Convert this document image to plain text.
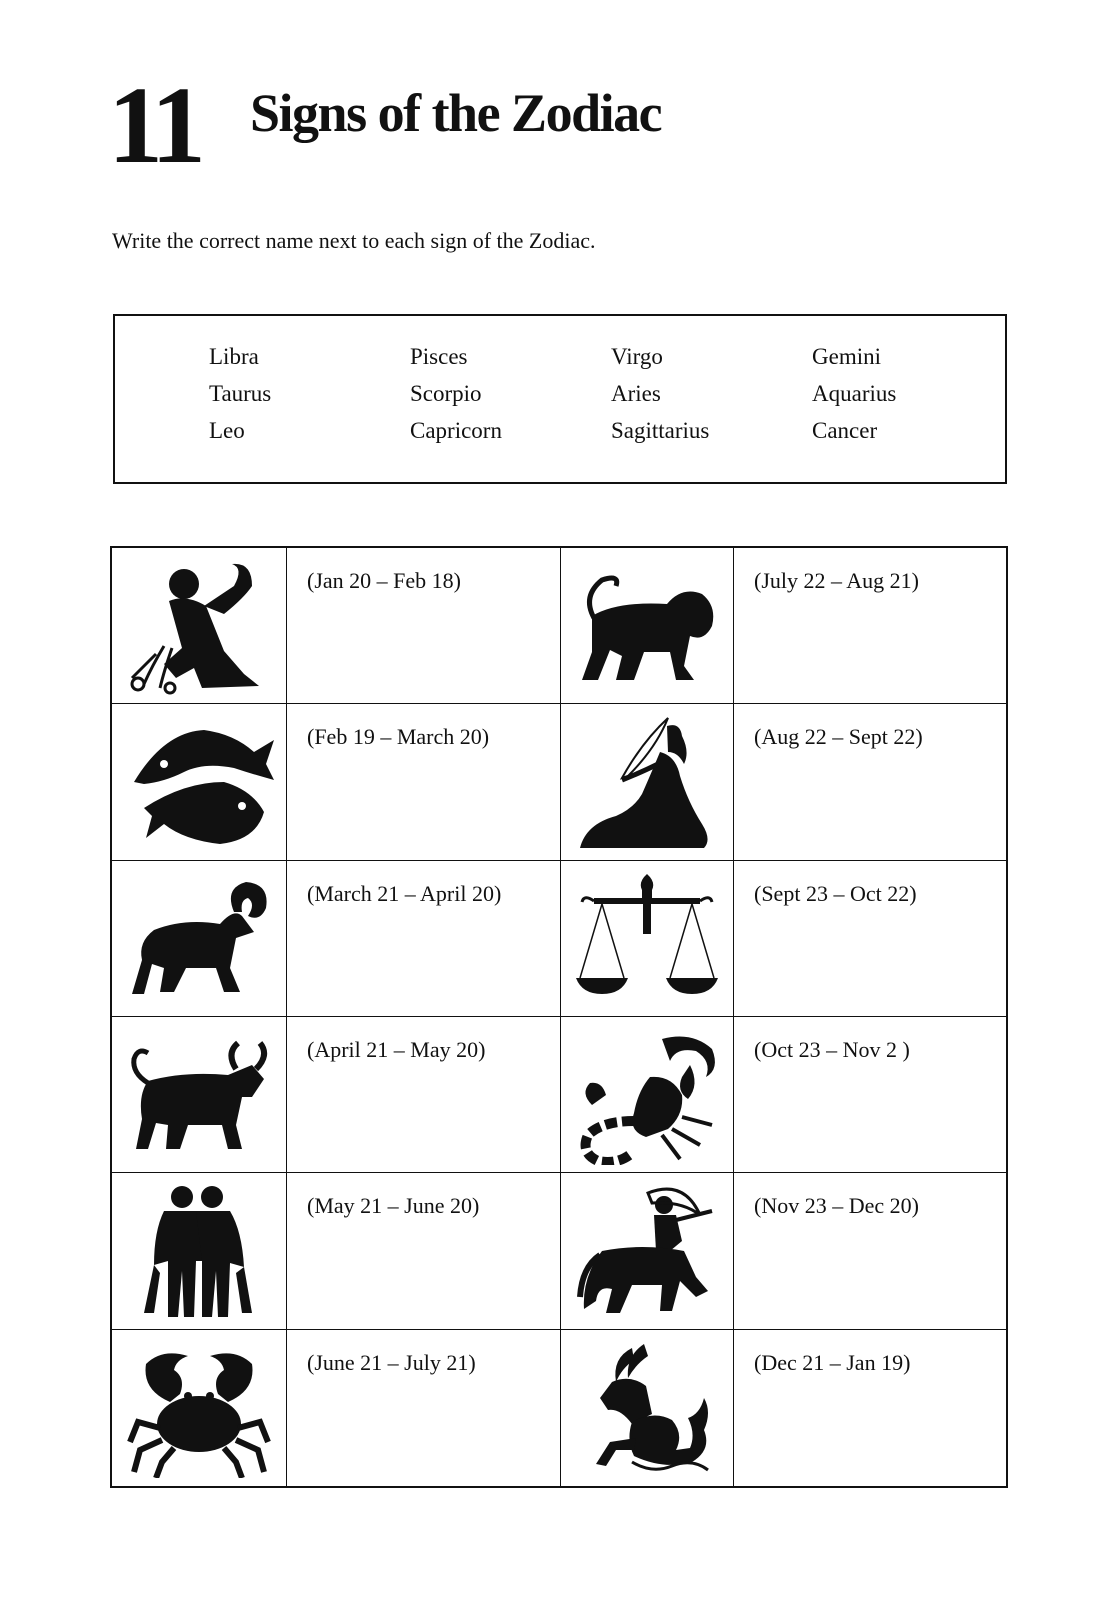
11 Signs of the Zodiac
Write the correct name next to each sign of the Zodiac.
Libra	Pisces	Virgo	Gemini
Taurus	Scorpio	Aries	Aquarius
Leo	Capricorn	Sagittarius	Cancer
(Jan 20 – Feb 18)	(July 22 – Aug 21)
(Feb 19 – March 20)	(Aug 22 – Sept 22)
(March 21 – April 20)	(Sept 23 – Oct 22)
(April 21 – May 20)	(Oct 23 – Nov 2 )
(May 21 – June 20)	(Nov 23 – Dec 20)
(June 21 – July 21)	(Dec 21 – Jan 19)
